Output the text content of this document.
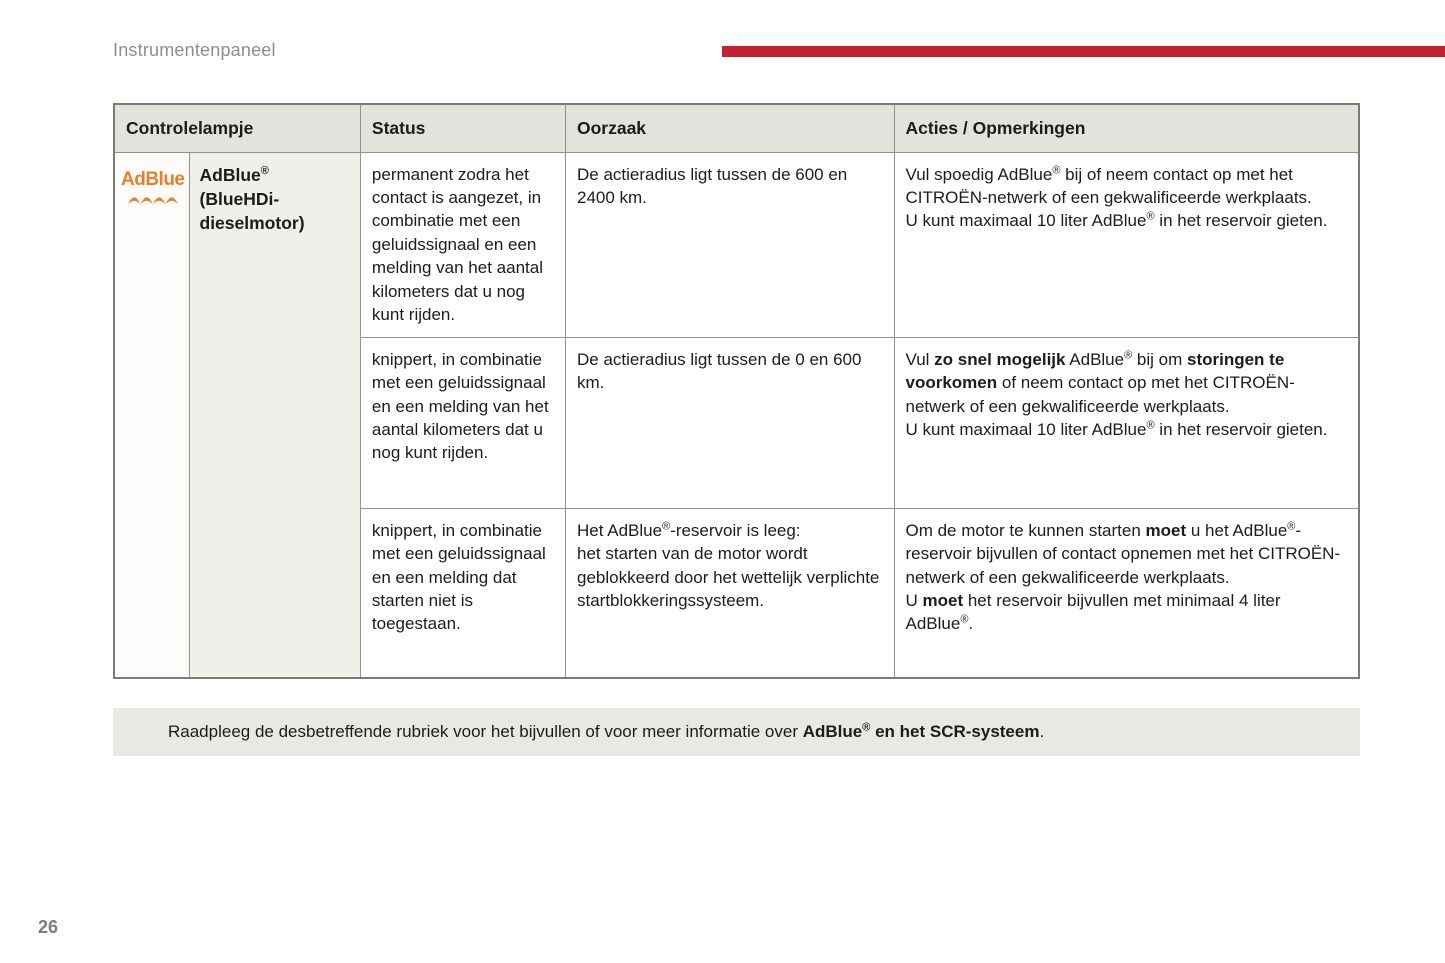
Instrumentenpaneel
Controlelampje		Status	Oorzaak	Acties / Opmerkingen

AdBlue	AdBlue®
(BlueHDi-
dieselmotor)	permanent zodra het contact is aangezet, in combinatie met een geluidssignaal en een melding van het aantal kilometers dat u nog kunt rijden.	De actieradius ligt tussen de 600 en 2400 km.	Vul spoedig AdBlue® bij of neem contact op met het CITROËN-netwerk of een gekwalificeerde werkplaats.
U kunt maximaal 10 liter AdBlue® in het reservoir gieten.
		knippert, in combinatie met een geluidssignaal en een melding van het aantal kilometers dat u nog kunt rijden.	De actieradius ligt tussen de 0 en 600 km.	Vul zo snel mogelijk AdBlue® bij om storingen te voorkomen of neem contact op met het CITROËN-netwerk of een gekwalificeerde werkplaats.
U kunt maximaal 10 liter AdBlue® in het reservoir gieten.
		knippert, in combinatie met een geluidssignaal en een melding dat starten niet is toegestaan.	Het AdBlue®-reservoir is leeg:
het starten van de motor wordt geblokkeerd door het wettelijk verplichte startblokkeringssysteem.	Om de motor te kunnen starten moet u het AdBlue®-reservoir bijvullen of contact opnemen met het CITROËN-netwerk of een gekwalificeerde werkplaats.
U moet het reservoir bijvullen met minimaal 4 liter AdBlue®.
Raadpleeg de desbetreffende rubriek voor het bijvullen of voor meer informatie over AdBlue® en het SCR-systeem.
26
